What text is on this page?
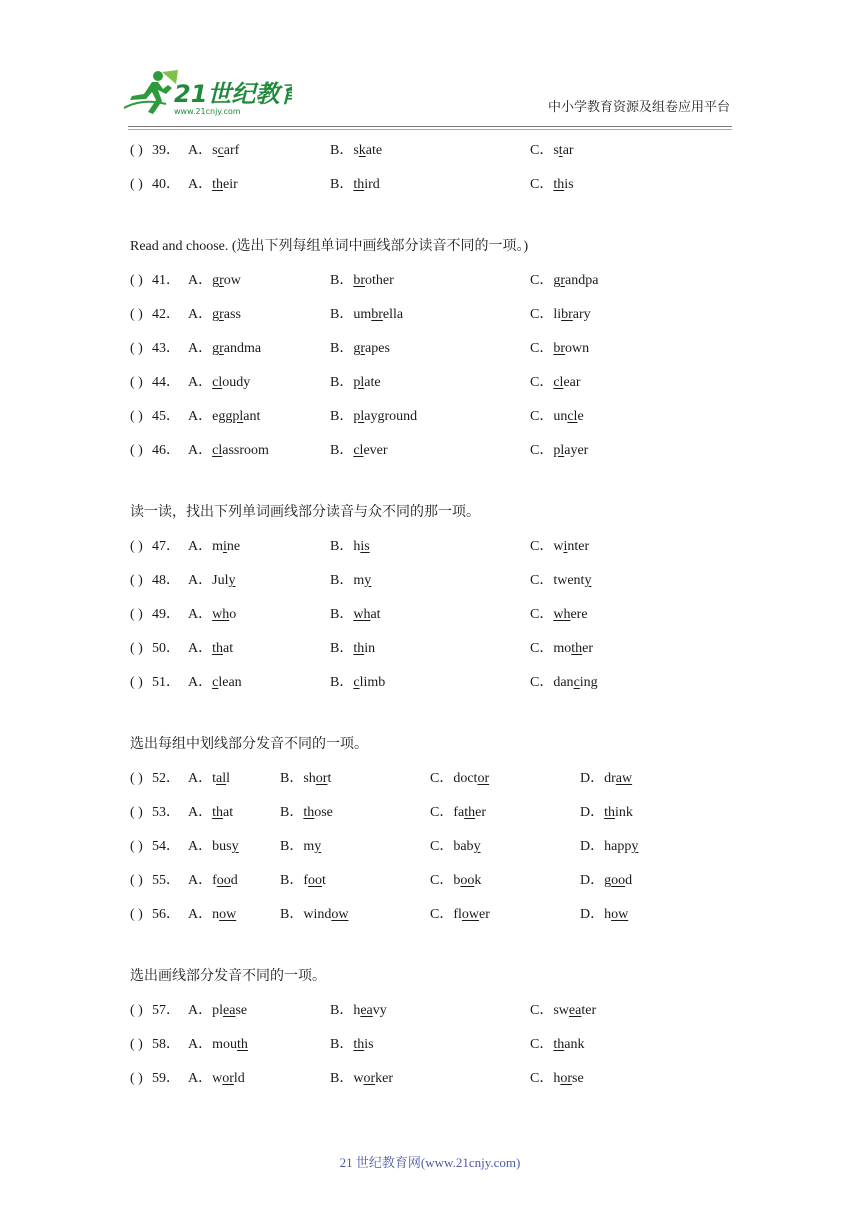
21世纪教育
www.21cnjy.com	中小学教育资源及组卷应用平台
( ) 39． A．scarf	B．skate	C．star
( ) 40． A．their	B．third	C．this
Read and choose. (选出下列每组单词中画线部分读音不同的一项。)
( ) 41． A．grow	B．brother	C．grandpa
( ) 42． A．grass	B．umbrella	C．library
( ) 43． A．grandma	B．grapes	C．brown
( ) 44． A．cloudy	B．plate	C．clear
( ) 45． A．eggplant	B．playground	C．uncle
( ) 46． A．classroom	B．clever	C．player
读一读，找出下列单词画线部分读音与众不同的那一项。
( ) 47． A．mine	B．his	C．winter
( ) 48． A．July	B．my	C．twenty
( ) 49． A．who	B．what	C．where
( ) 50． A．that	B．thin	C．mother
( ) 51． A．clean	B．climb	C．dancing
选出每组中划线部分发音不同的一项。
( ) 52． A．tall	B．short	C．doctor	D．draw
( ) 53． A．that	B．those	C．father	D．think
( ) 54． A．busy	B．my	C．baby	D．happy
( ) 55． A．food	B．foot	C．book	D．good
( ) 56． A．now	B．window	C．flower	D．how
选出画线部分发音不同的一项。
( ) 57． A．please	B．heavy	C．sweater
( ) 58． A．mouth	B．this	C．thank
( ) 59． A．world	B．worker	C．horse
21 世纪教育网(www.21cnjy.com)
